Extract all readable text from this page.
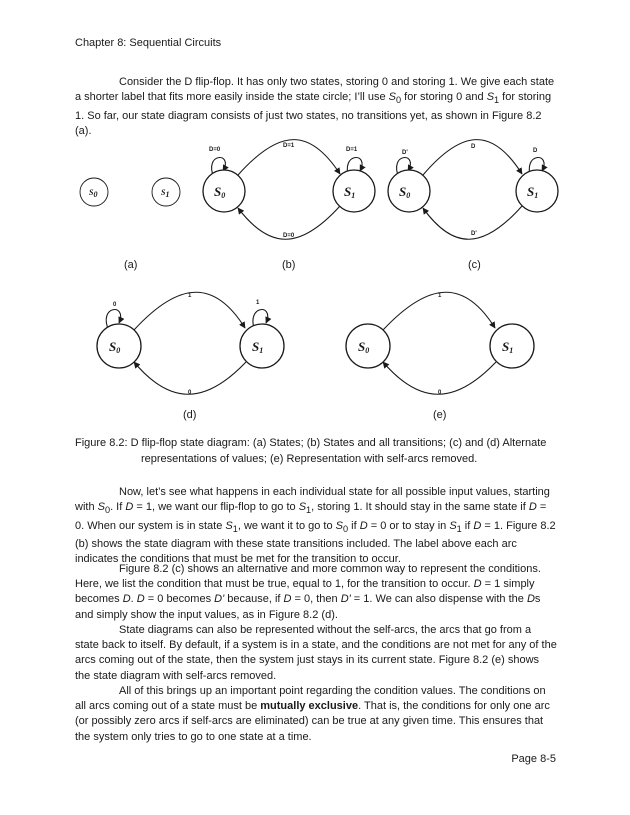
Chapter 8: Sequential Circuits

Consider the D flip-flop. It has only two states, storing 0 and storing 1. We give each state a shorter label that fits more easily inside the state circle; I’ll use $S_0$ for storing 0 and $S_1$ for storing 1. So far, our state diagram consists of just two states, no transitions yet, as shown in Figure 8.2 (a).

S0	S1
(a)
D=0
D=1
D=1
D=0
S0	S1
(b)
D'
D
D
D'
S0	S1
(c)
0
1
1
0
S0	S1
(d)
1
0
S0	S1
(e)
Figure 8.2: D flip-flop state diagram: (a) States; (b) States and all transitions; (c) and (d) Alternate
representations of values; (e) Representation with self-arcs removed.

Now, let’s see what happens in each individual state for all possible input values, starting with $S_0$. If D = 1, we want our flip-flop to go to $S_1$, storing 1. It should stay in the same state if D = 0. When our system is in state $S_1$, we want it to go to $S_0$ if D = 0 or to stay in $S_1$ if D = 1. Figure 8.2 (b) shows the state diagram with these state transitions included. The label above each arc indicates the conditions that must be met for the transition to occur.

Figure 8.2 (c) shows an alternative and more common way to represent the conditions. Here, we list the condition that must be true, equal to 1, for the transition to occur. D = 1 simply becomes D. D = 0 becomes D' because, if D = 0, then D' = 1. We can also dispense with the Ds and simply show the input values, as in Figure 8.2 (d).

State diagrams can also be represented without the self-arcs, the arcs that go from a state back to itself. By default, if a system is in a state, and the conditions are not met for any of the arcs coming out of the state, then the system just stays in its current state. Figure 8.2 (e) shows the state diagram with self-arcs removed.

All of this brings up an important point regarding the condition values. The conditions on all arcs coming out of a state must be mutually exclusive. That is, the conditions for only one arc (or possibly zero arcs if self-arcs are eliminated) can be true at any given time. This ensures that the system only tries to go to one state at a time.

Page 8-5
